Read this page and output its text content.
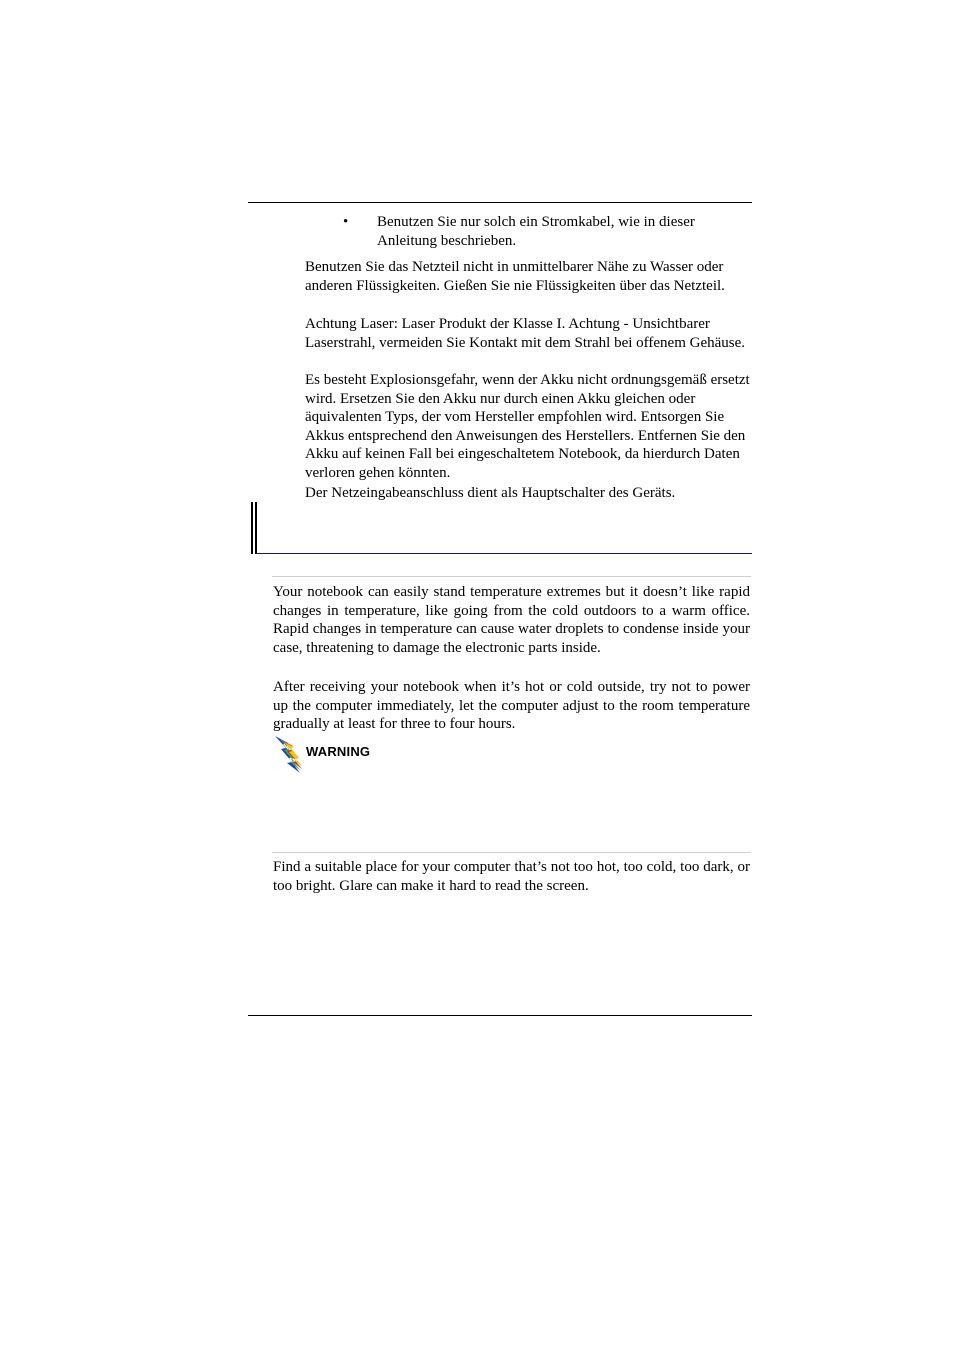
• Benutzen Sie nur solch ein Stromkabel, wie in dieser Anleitung beschrieben.
Benutzen Sie das Netzteil nicht in unmittelbarer Nähe zu Wasser oder anderen Flüssigkeiten. Gießen Sie nie Flüssigkeiten über das Netzteil.
Achtung Laser: Laser Produkt der Klasse I. Achtung - Unsichtbarer Laserstrahl, vermeiden Sie Kontakt mit dem Strahl bei offenem Gehäuse.
Es besteht Explosionsgefahr, wenn der Akku nicht ordnungsgemäß ersetzt wird. Ersetzen Sie den Akku nur durch einen Akku gleichen oder äquivalenten Typs, der vom Hersteller empfohlen wird. Entsorgen Sie Akkus entsprechend den Anweisungen des Herstellers. Entfernen Sie den Akku auf keinen Fall bei eingeschaltetem Notebook, da hierdurch Daten verloren gehen könnten.
Der Netzeingabeanschluss dient als Hauptschalter des Geräts.
Your notebook can easily stand temperature extremes but it doesn’t like rapid changes in temperature, like going from the cold outdoors to a warm office. Rapid changes in temperature can cause water droplets to condense inside your case, threatening to damage the electronic parts inside.
After receiving your notebook when it’s hot or cold outside, try not to power up the computer immediately, let the computer adjust to the room temperature gradually at least for three to four hours.
WARNING
Find a suitable place for your computer that’s not too hot, too cold, too dark, or too bright. Glare can make it hard to read the screen.
